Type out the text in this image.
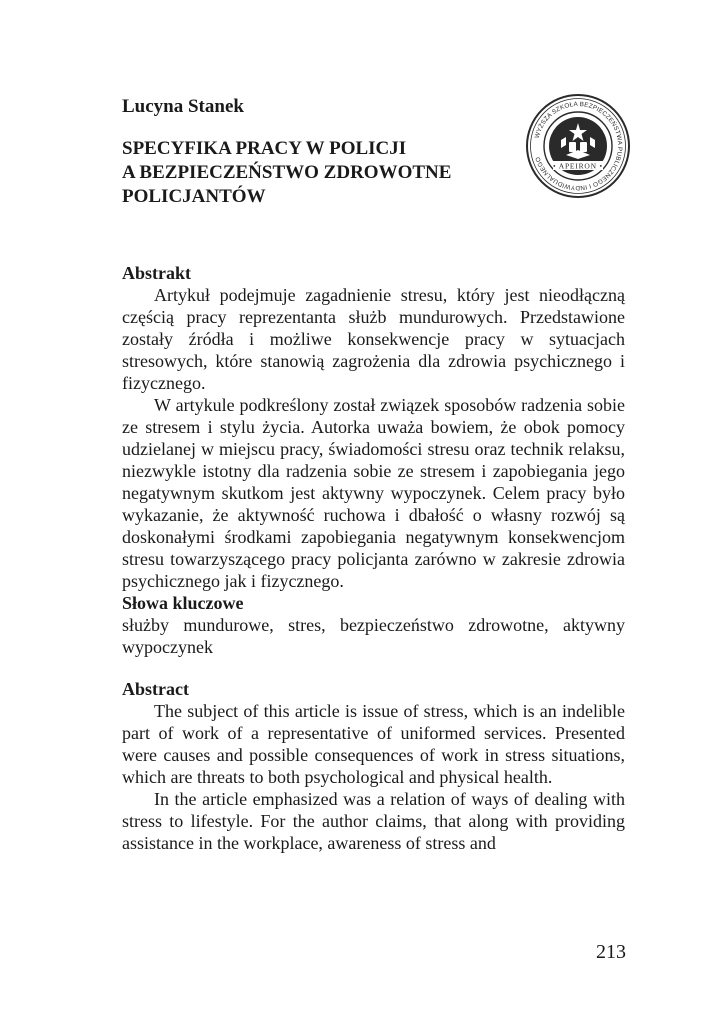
Lucyna Stanek
SPECYFIKA PRACY W POLICJI
A BEZPIECZEŃSTWO ZDROWOTNE
POLICJANTÓW
Abstrakt

Artykuł podejmuje zagadnienie stresu, który jest nieodłączną częścią pracy reprezentanta służb mundurowych. Przedstawione zostały źródła i możliwe konsekwencje pracy w sytuacjach stresowych, które stanowią zagrożenia dla zdrowia psychicznego i fizycznego.

W artykule podkreślony został związek sposobów radzenia sobie ze stresem i stylu życia. Autorka uważa bowiem, że obok pomocy udzielanej w miejscu pracy, świadomości stresu oraz technik relaksu, niezwykle istotny dla radzenia sobie ze stresem i zapobiegania jego negatywnym skutkom jest aktywny wypoczynek. Celem pracy było wykazanie, że aktywność ruchowa i dbałość o własny rozwój są doskonałymi środkami zapobiegania negatywnym konsekwencjom stresu towarzyszącego pracy policjanta zarówno w zakresie zdrowia psychicznego jak i fizycznego.

Słowa kluczowe

służby mundurowe, stres, bezpieczeństwo zdrowotne, aktywny wypoczynek

Abstract

The subject of this article is issue of stress, which is an indelible part of work of a representative of uniformed services. Presented were causes and possible consequences of work in stress situations, which are threats to both psychological and physical health.

In the article emphasized was a relation of ways of dealing with stress to lifestyle. For the author claims, that along with providing assistance in the workplace, awareness of stress and

WYŻSZA SZKOŁA BEZPIECZEŃSTWA PUBLICZNEGO I INDYWIDUALNEGO
• APEIRON •
213
